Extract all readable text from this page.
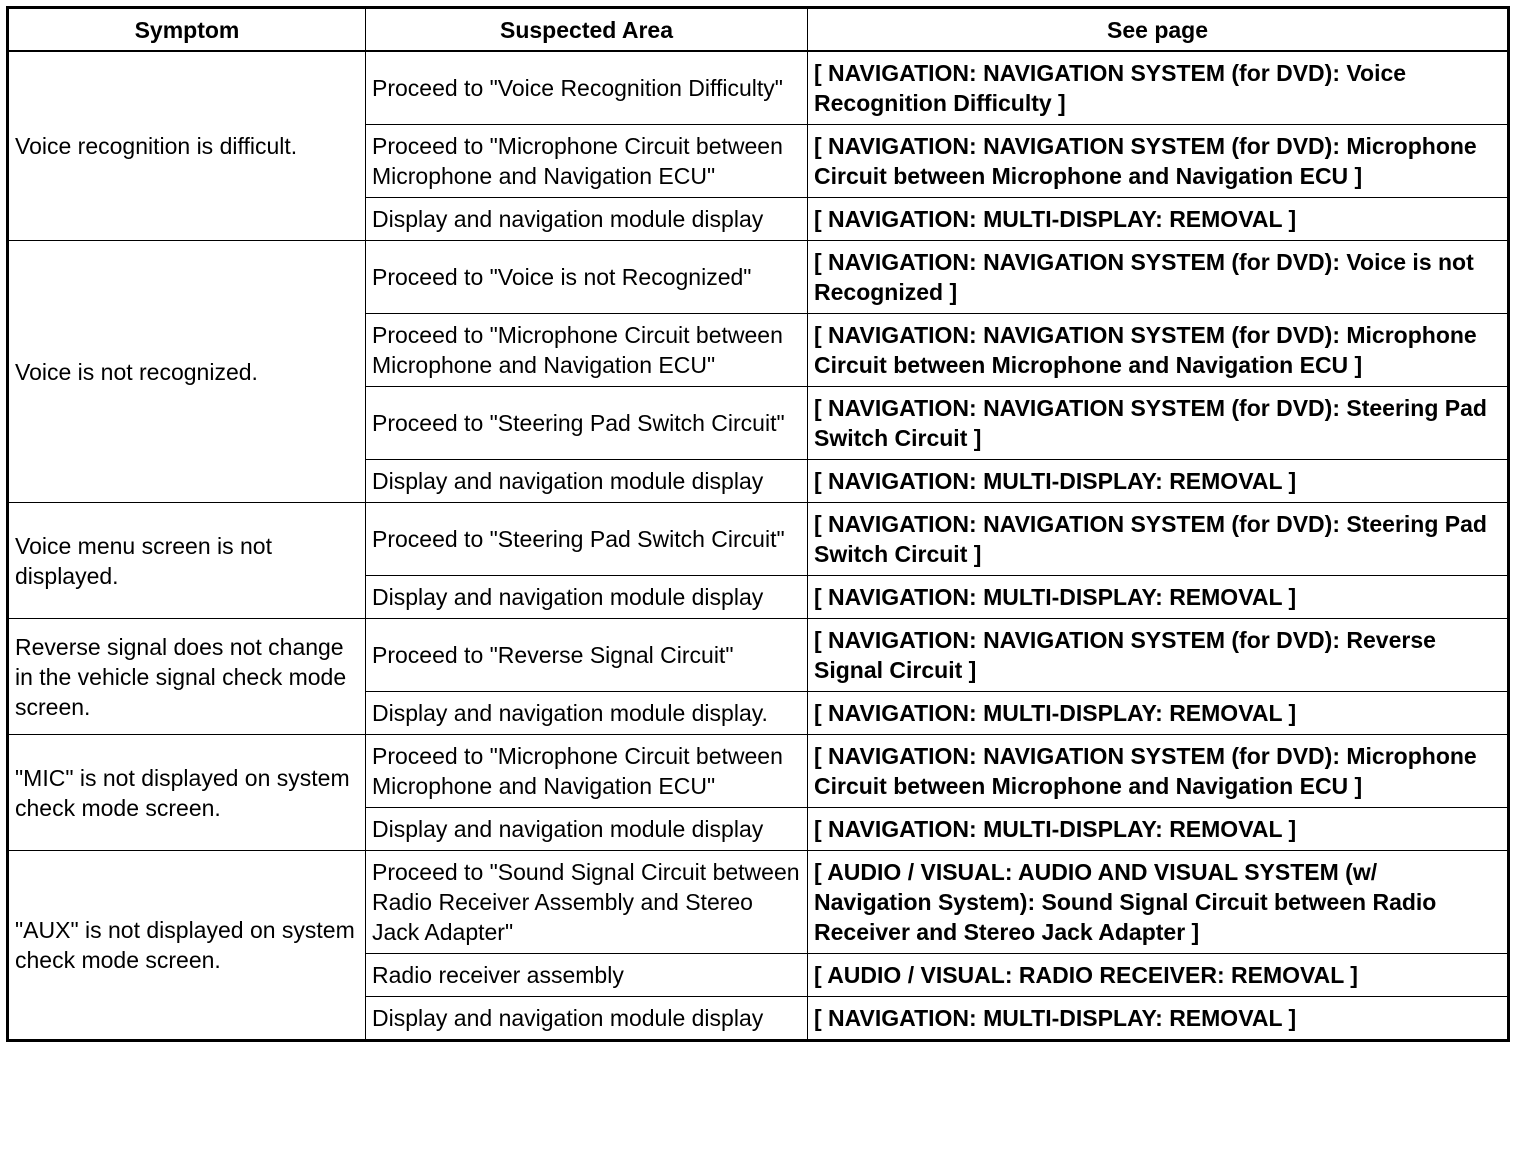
Symptom	Suspected Area	See page
Voice recognition is difficult.	Proceed to "Voice Recognition Difficulty"	[ NAVIGATION: NAVIGATION SYSTEM (for DVD): Voice Recognition Difficulty ]
	Proceed to "Microphone Circuit between Microphone and Navigation ECU"	[ NAVIGATION: NAVIGATION SYSTEM (for DVD): Microphone Circuit between Microphone and Navigation ECU ]
	Display and navigation module display	[ NAVIGATION: MULTI-DISPLAY: REMOVAL ]
Voice is not recognized.	Proceed to "Voice is not Recognized"	[ NAVIGATION: NAVIGATION SYSTEM (for DVD): Voice is not Recognized ]
	Proceed to "Microphone Circuit between Microphone and Navigation ECU"	[ NAVIGATION: NAVIGATION SYSTEM (for DVD): Microphone Circuit between Microphone and Navigation ECU ]
	Proceed to "Steering Pad Switch Circuit"	[ NAVIGATION: NAVIGATION SYSTEM (for DVD): Steering Pad Switch Circuit ]
	Display and navigation module display	[ NAVIGATION: MULTI-DISPLAY: REMOVAL ]
Voice menu screen is not displayed.	Proceed to "Steering Pad Switch Circuit"	[ NAVIGATION: NAVIGATION SYSTEM (for DVD): Steering Pad Switch Circuit ]
	Display and navigation module display	[ NAVIGATION: MULTI-DISPLAY: REMOVAL ]
Reverse signal does not change in the vehicle signal check mode screen.	Proceed to "Reverse Signal Circuit"	[ NAVIGATION: NAVIGATION SYSTEM (for DVD): Reverse Signal Circuit ]
	Display and navigation module display.	[ NAVIGATION: MULTI-DISPLAY: REMOVAL ]
"MIC" is not displayed on system check mode screen.	Proceed to "Microphone Circuit between Microphone and Navigation ECU"	[ NAVIGATION: NAVIGATION SYSTEM (for DVD): Microphone Circuit between Microphone and Navigation ECU ]
	Display and navigation module display	[ NAVIGATION: MULTI-DISPLAY: REMOVAL ]
"AUX" is not displayed on system check mode screen.	Proceed to "Sound Signal Circuit between Radio Receiver Assembly and Stereo Jack Adapter"	[ AUDIO / VISUAL: AUDIO AND VISUAL SYSTEM (w/ Navigation System): Sound Signal Circuit between Radio Receiver and Stereo Jack Adapter ]
	Radio receiver assembly	[ AUDIO / VISUAL: RADIO RECEIVER: REMOVAL ]
	Display and navigation module display	[ NAVIGATION: MULTI-DISPLAY: REMOVAL ]
